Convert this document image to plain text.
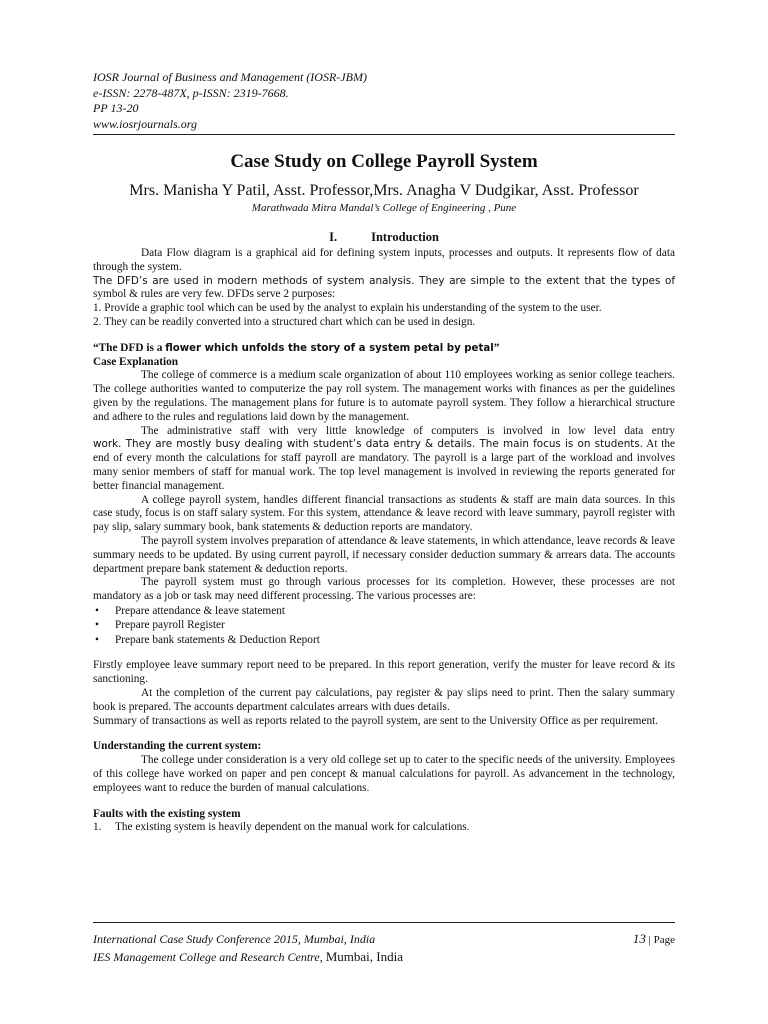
IOSR Journal of Business and Management (IOSR-JBM)
e-ISSN: 2278-487X, p-ISSN: 2319-7668.
PP 13-20
www.iosrjournals.org
Case Study on College Payroll System
Mrs. Manisha Y Patil, Asst. Professor,Mrs. Anagha V Dudgikar, Asst. Professor
Marathwada Mitra Mandal’s College of Engineering , Pune
I.	Introduction

Data Flow diagram is a graphical aid for defining system inputs, processes and outputs. It represents flow of data through the system.

The DFD’s are used in modern methods of system analysis. They are simple to the extent that the types of

symbol & rules are very few. DFDs serve 2 purposes:

1. Provide a graphic tool which can be used by the analyst to explain his understanding of the system to the user.

2. They can be readily converted into a structured chart which can be used in design.

“The DFD is a flower which unfolds the story of a system petal by petal”
Case Explanation

The college of commerce is a medium scale organization of about 110 employees working as senior college teachers. The college authorities wanted to computerize the pay roll system. The management works with finances as per the guidelines given by the regulations. The management plans for future is to automate payroll system. They follow a hierarchical structure and adhere to the rules and regulations laid down by the management.

The administrative staff with very little knowledge of computers is involved in low level data entry

work. They are mostly busy dealing with student’s data entry & details. The main focus is on students. At the end of every month the calculations for staff payroll are mandatory. The payroll is a large part of the workload and involves many senior members of staff for manual work. The top level management is involved in reviewing the reports generated for better financial management.

A college payroll system, handles different financial transactions as students & staff are main data sources. In this case study, focus is on staff salary system. For this system, attendance & leave record with leave summary, payroll register with pay slip, salary summary book, bank statements & deduction reports are mandatory.

The payroll system involves preparation of attendance & leave statements, in which attendance, leave records & leave summary needs to be updated. By using current payroll, if necessary consider deduction summary & arrears data. The accounts department prepare bank statement & deduction reports.

The payroll system must go through various processes for its completion. However, these processes are not mandatory as a job or task may need different processing. The various processes are:

• Prepare attendance & leave statement
• Prepare payroll Register
• Prepare bank statements & Deduction Report

Firstly employee leave summary report need to be prepared. In this report generation, verify the muster for leave record & its sanctioning.

At the completion of the current pay calculations, pay register & pay slips need to print. Then the salary summary book is prepared. The accounts department calculates arrears with dues details.

Summary of transactions as well as reports related to the payroll system, are sent to the University Office as per requirement.

Understanding the current system:

The college under consideration is a very old college set up to cater to the specific needs of the university. Employees of this college have worked on paper and pen concept & manual calculations for payroll. As advancement in the technology, employees want to reduce the burden of manual calculations.

Faults with the existing system
1. The existing system is heavily dependent on the manual work for calculations.
International Case Study Conference 2015, Mumbai, India	13 | Page
IES Management College and Research Centre, Mumbai, India
